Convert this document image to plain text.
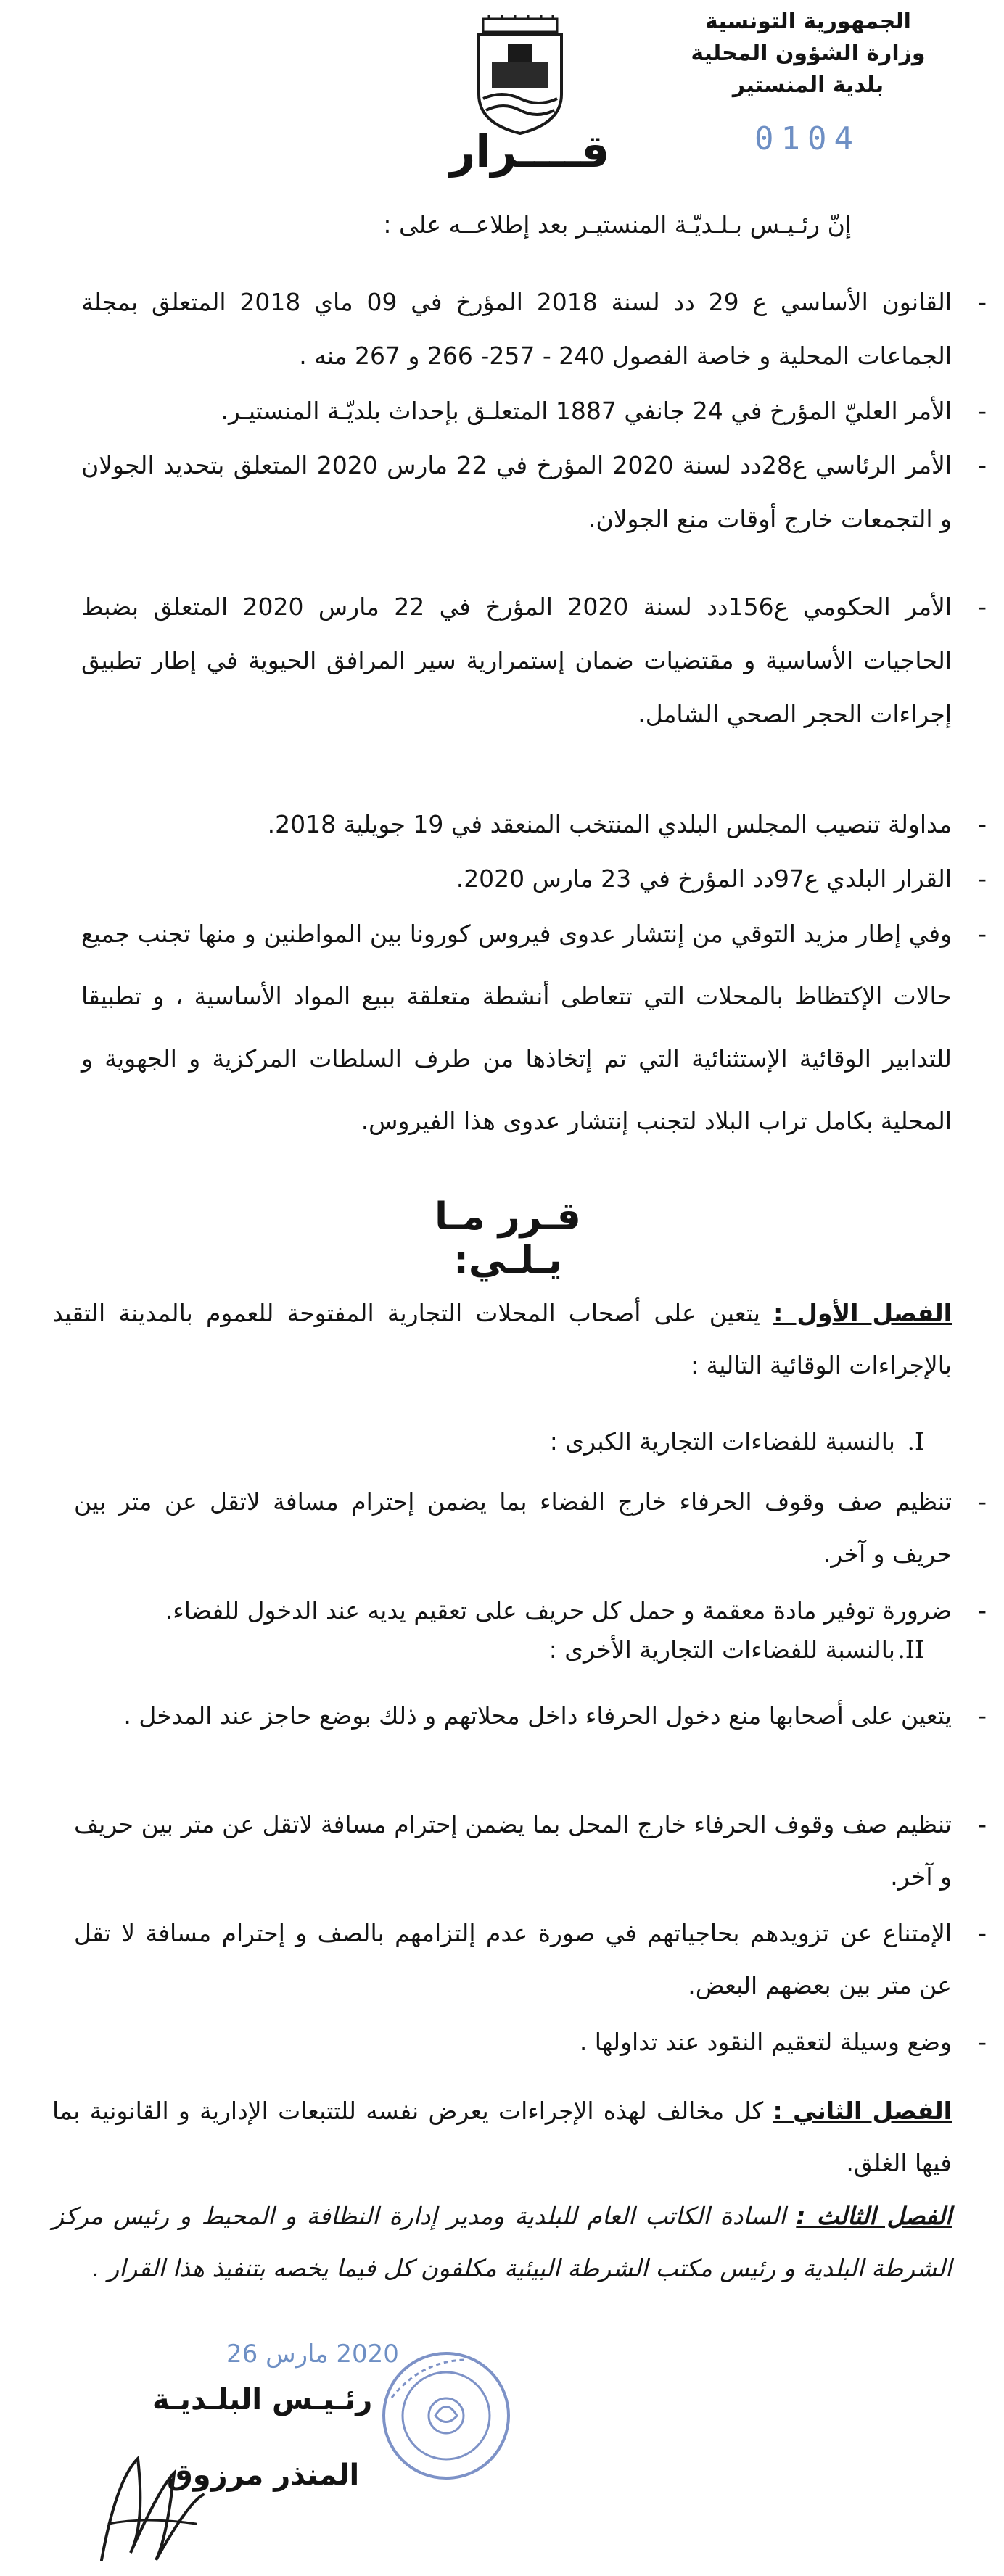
الجمهورية التونسية
وزارة الشؤون المحلية
بلدية المنستير
0104
قــــرار
إنّ رئـيـس بـلـديّـة المنستيـر بعد إطلاعــه على :
-
القانون الأساسي ع 29 دد لسنة 2018 المؤرخ في 09 ماي 2018 المتعلق بمجلة الجماعات المحلية و خاصة الفصول 240 - 257- 266 و 267 منه .
-
الأمر العليّ المؤرخ في 24 جانفي 1887 المتعلـق بإحداث بلديّـة المنستيـر.
-
الأمر الرئاسي ع28دد لسنة 2020 المؤرخ في 22 مارس 2020 المتعلق بتحديد الجولان و التجمعات خارج أوقات منع الجولان.
-
الأمر الحكومي ع156دد لسنة 2020 المؤرخ في 22 مارس 2020 المتعلق بضبط الحاجيات الأساسية و مقتضيات ضمان إستمرارية سير المرافق الحيوية في إطار تطبيق إجراءات الحجر الصحي الشامل.
-
مداولة تنصيب المجلس البلدي المنتخب المنعقد في 19 جويلية 2018.
-
القرار البلدي ع97دد المؤرخ في 23 مارس 2020.
-
وفي إطار مزيد التوقي من إنتشار عدوى فيروس كورونا بين المواطنين و منها تجنب جميع حالات الإكتظاظ بالمحلات التي تتعاطى أنشطة متعلقة ببيع المواد الأساسية ، و تطبيقا للتدابير الوقائية الإستثنائية التي تم إتخاذها من طرف السلطات المركزية و الجهوية و المحلية بكامل تراب البلاد لتجنب إنتشار عدوى هذا الفيروس.
قـرر مـا يـلـي:
الفصل الأول : يتعين على أصحاب المحلات التجارية المفتوحة للعموم بالمدينة التقيد بالإجراءات الوقائية التالية :
I.
بالنسبة للفضاءات التجارية الكبرى :
-
تنظيم صف وقوف الحرفاء خارج الفضاء بما يضمن إحترام مسافة لاتقل عن متر بين حريف و آخر.
-
ضرورة توفير مادة معقمة و حمل كل حريف على تعقيم يديه عند الدخول للفضاء.
II.
بالنسبة للفضاءات التجارية الأخرى :
-
يتعين على أصحابها منع دخول الحرفاء داخل محلاتهم و ذلك بوضع حاجز عند المدخل .
-
تنظيم صف وقوف الحرفاء خارج المحل بما يضمن إحترام مسافة لاتقل عن متر بين حريف و آخر.
-
الإمتناع عن تزويدهم بحاجياتهم في صورة عدم إلتزامهم بالصف و إحترام مسافة لا تقل عن متر بين بعضهم البعض.
-
وضع وسيلة لتعقيم النقود عند تداولها .
الفصل الثاني : كل مخالف لهذه الإجراءات يعرض نفسه للتتبعات الإدارية و القانونية بما فيها الغلق.
الفصل الثالث : السادة الكاتب العام للبلدية ومدير إدارة النظافة و المحيط و رئيس مركز الشرطة البلدية و رئيس مكتب الشرطة البيئية مكلفون كل فيما يخصه بتنفيذ هذا القرار .
2020 مارس 26
رئـيـس البلـديـة
المنذر مرزوق
